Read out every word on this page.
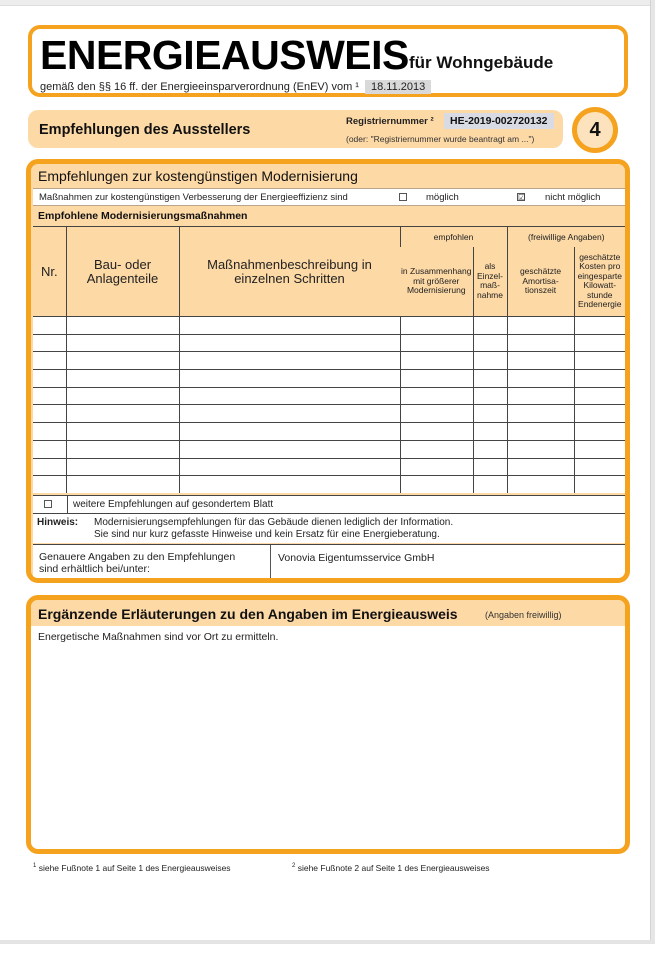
ENERGIEAUSWEIS für Wohngebäude
gemäß den §§ 16 ff. der Energieeinsparverordnung (EnEV) vom ¹ 18.11.2013
Empfehlungen des Ausstellers
Registriernummer ²	HE-2019-002720132
(oder: "Registriernummer wurde beantragt am ...")	4
Empfehlungen zur kostengünstigen Modernisierung
Maßnahmen zur kostengünstigen Verbesserung der Energieeffizienz sind	möglich	☑ nicht möglich
Empfohlene Modernisierungsmaßnahmen
Nr.	Bau- oder Anlagenteile	Maßnahmenbeschreibung in einzelnen Schritten	empfohlen		(freiwillige Angaben)	
			in Zusammenhang mit größerer Modernisierung	als Einzel-maß-nahme	geschätzte Amortisa-tionszeit	geschätzte Kosten pro eingesparte Kilowatt-stunde Endenergie

weitere Empfehlungen auf gesondertem Blatt
Hinweis: Modernisierungsempfehlungen für das Gebäude dienen lediglich der Information.
Sie sind nur kurz gefasste Hinweise und kein Ersatz für eine Energieberatung.
Genauere Angaben zu den Empfehlungen
sind erhältlich bei/unter:
Vonovia Eigentumsservice GmbH
Ergänzende Erläuterungen zu den Angaben im Energieausweis	(Angaben freiwillig)
Energetische Maßnahmen sind vor Ort zu ermitteln.
$^1$ siehe Fußnote 1 auf Seite 1 des Energieausweises	$^2$ siehe Fußnote 2 auf Seite 1 des Energieausweises
